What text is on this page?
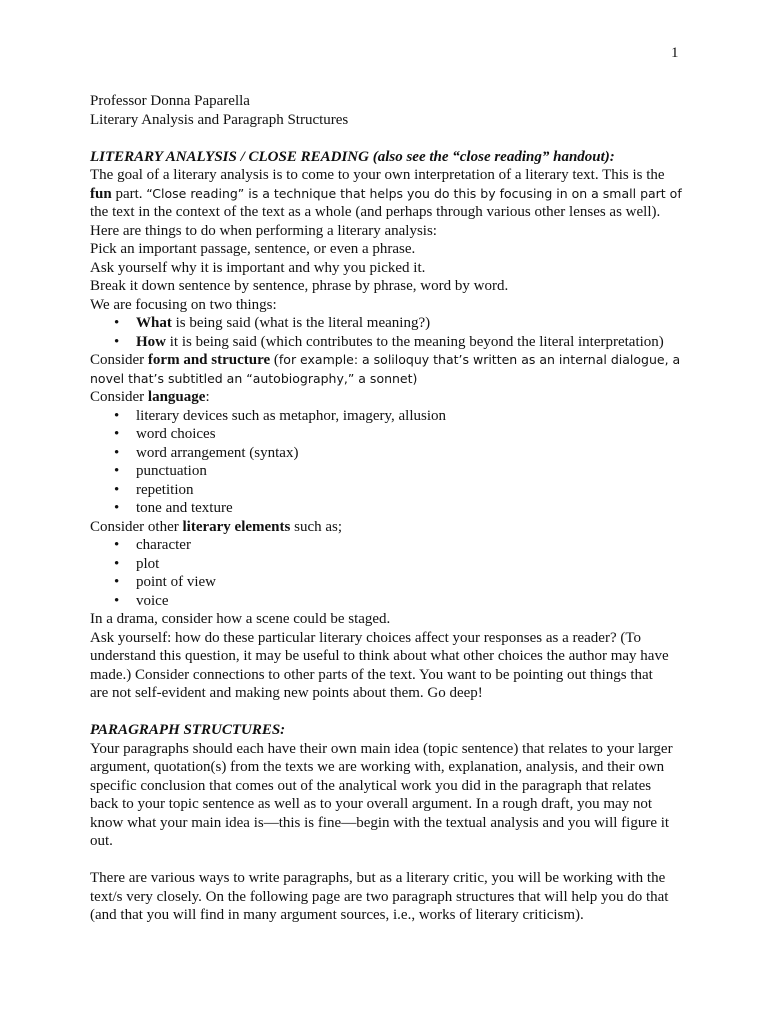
1
Professor Donna Paparella
Literary Analysis and Paragraph Structures
LITERARY ANALYSIS / CLOSE READING (also see the “close reading” handout):
The goal of a literary analysis is to come to your own interpretation of a literary text. This is the
fun part. “Close reading” is a technique that helps you do this by focusing in on a small part of
the text in the context of the text as a whole (and perhaps through various other lenses as well).
Here are things to do when performing a literary analysis:
Pick an important passage, sentence, or even a phrase.
Ask yourself why it is important and why you picked it.
Break it down sentence by sentence, phrase by phrase, word by word.
We are focusing on two things:
• What is being said (what is the literal meaning?)
• How it is being said (which contributes to the meaning beyond the literal interpretation)
Consider form and structure (for example: a soliloquy that’s written as an internal dialogue, a
novel that’s subtitled an “autobiography,” a sonnet)
Consider language:
• literary devices such as metaphor, imagery, allusion
• word choices
• word arrangement (syntax)
• punctuation
• repetition
• tone and texture
Consider other literary elements such as;
• character
• plot
• point of view
• voice
In a drama, consider how a scene could be staged.
Ask yourself: how do these particular literary choices affect your responses as a reader? (To
understand this question, it may be useful to think about what other choices the author may have
made.) Consider connections to other parts of the text. You want to be pointing out things that
are not self-evident and making new points about them. Go deep!
PARAGRAPH STRUCTURES:
Your paragraphs should each have their own main idea (topic sentence) that relates to your larger
argument, quotation(s) from the texts we are working with, explanation, analysis, and their own
specific conclusion that comes out of the analytical work you did in the paragraph that relates
back to your topic sentence as well as to your overall argument. In a rough draft, you may not
know what your main idea is—this is fine—begin with the textual analysis and you will figure it
out.
There are various ways to write paragraphs, but as a literary critic, you will be working with the
text/s very closely. On the following page are two paragraph structures that will help you do that
(and that you will find in many argument sources, i.e., works of literary criticism).
